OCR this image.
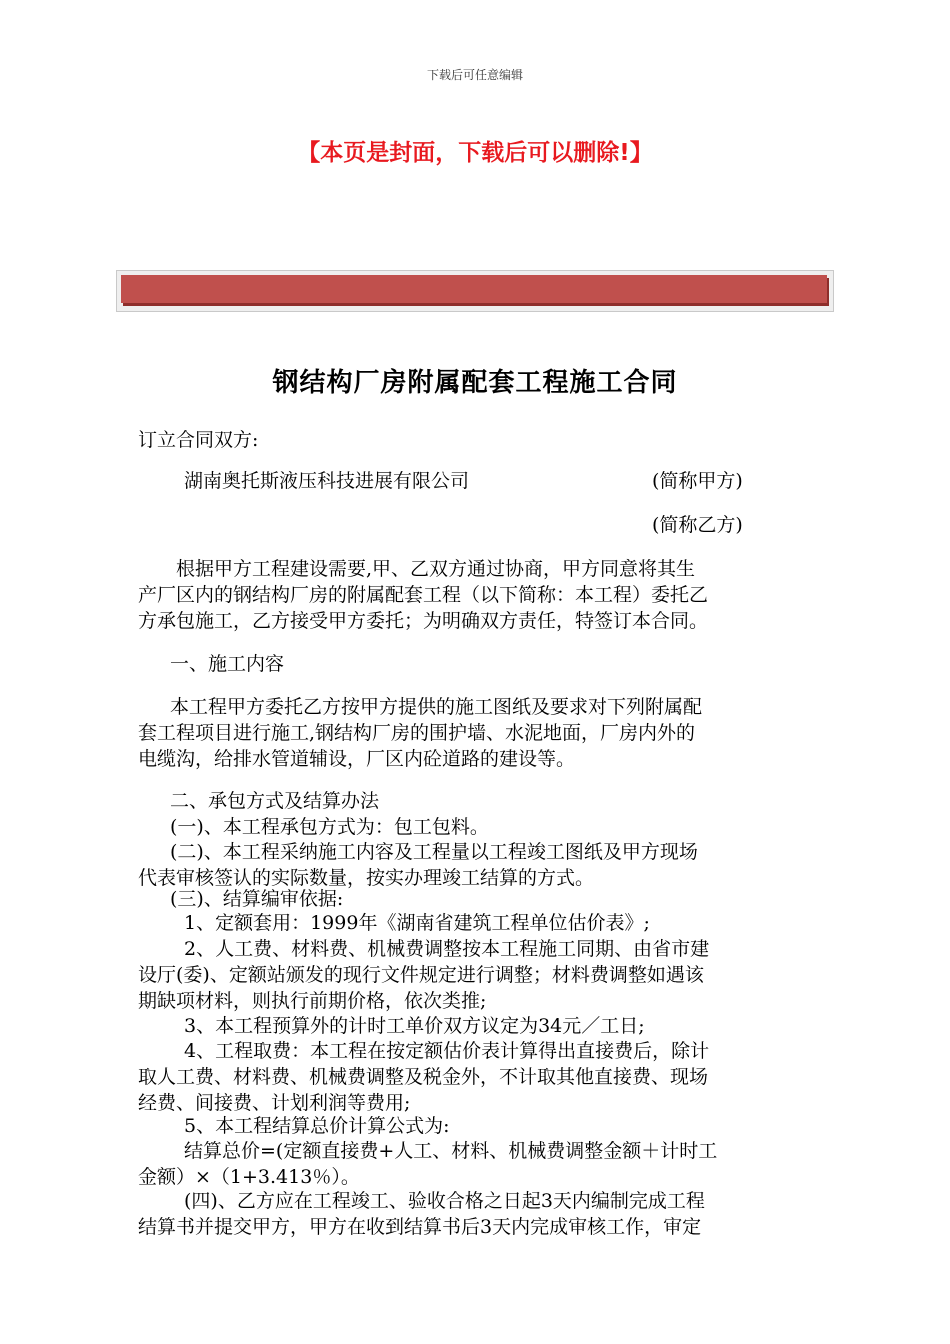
下载后可任意编辑
【本页是封面，下载后可以删除!】
钢结构厂房附属配套工程施工合同
订立合同双方:
湖南奥托斯液压科技进展有限公司	(简称甲方)
(简称乙方)
　　根据甲方工程建设需要,甲、乙双方通过协商，甲方同意将其生
产厂区内的钢结构厂房的附属配套工程（以下简称：本工程）委托乙
方承包施工，乙方接受甲方委托；为明确双方责任，特签订本合同。
一、施工内容
本工程甲方委托乙方按甲方提供的施工图纸及要求对下列附属配
套工程项目进行施工,钢结构厂房的围护墙、水泥地面，厂房内外的
电缆沟，给排水管道辅设，厂区内砼道路的建设等。
二、承包方式及结算办法
(一)、本工程承包方式为：包工包料。
(二)、本工程采纳施工内容及工程量以工程竣工图纸及甲方现场
代表审核签认的实际数量，按实办理竣工结算的方式。
(三)、结算编审依据:
1、定额套用：1999年《湖南省建筑工程单位估价表》;
2、人工费、材料费、机械费调整按本工程施工同期、由省市建
设厅(委)、定额站颁发的现行文件规定进行调整；材料费调整如遇该
期缺项材料，则执行前期价格，依次类推;
3、本工程预算外的计时工单价双方议定为34元／工日;
4、工程取费：本工程在按定额估价表计算得出直接费后，除计
取人工费、材料费、机械费调整及税金外，不计取其他直接费、现场
经费、间接费、计划利润等费用;
5、本工程结算总价计算公式为:
结算总价=(定额直接费+人工、材料、机械费调整金额＋计时工
金额）×（1+3.413％）。
(四)、乙方应在工程竣工、验收合格之日起3天内编制完成工程
结算书并提交甲方，甲方在收到结算书后3天内完成审核工作，审定
